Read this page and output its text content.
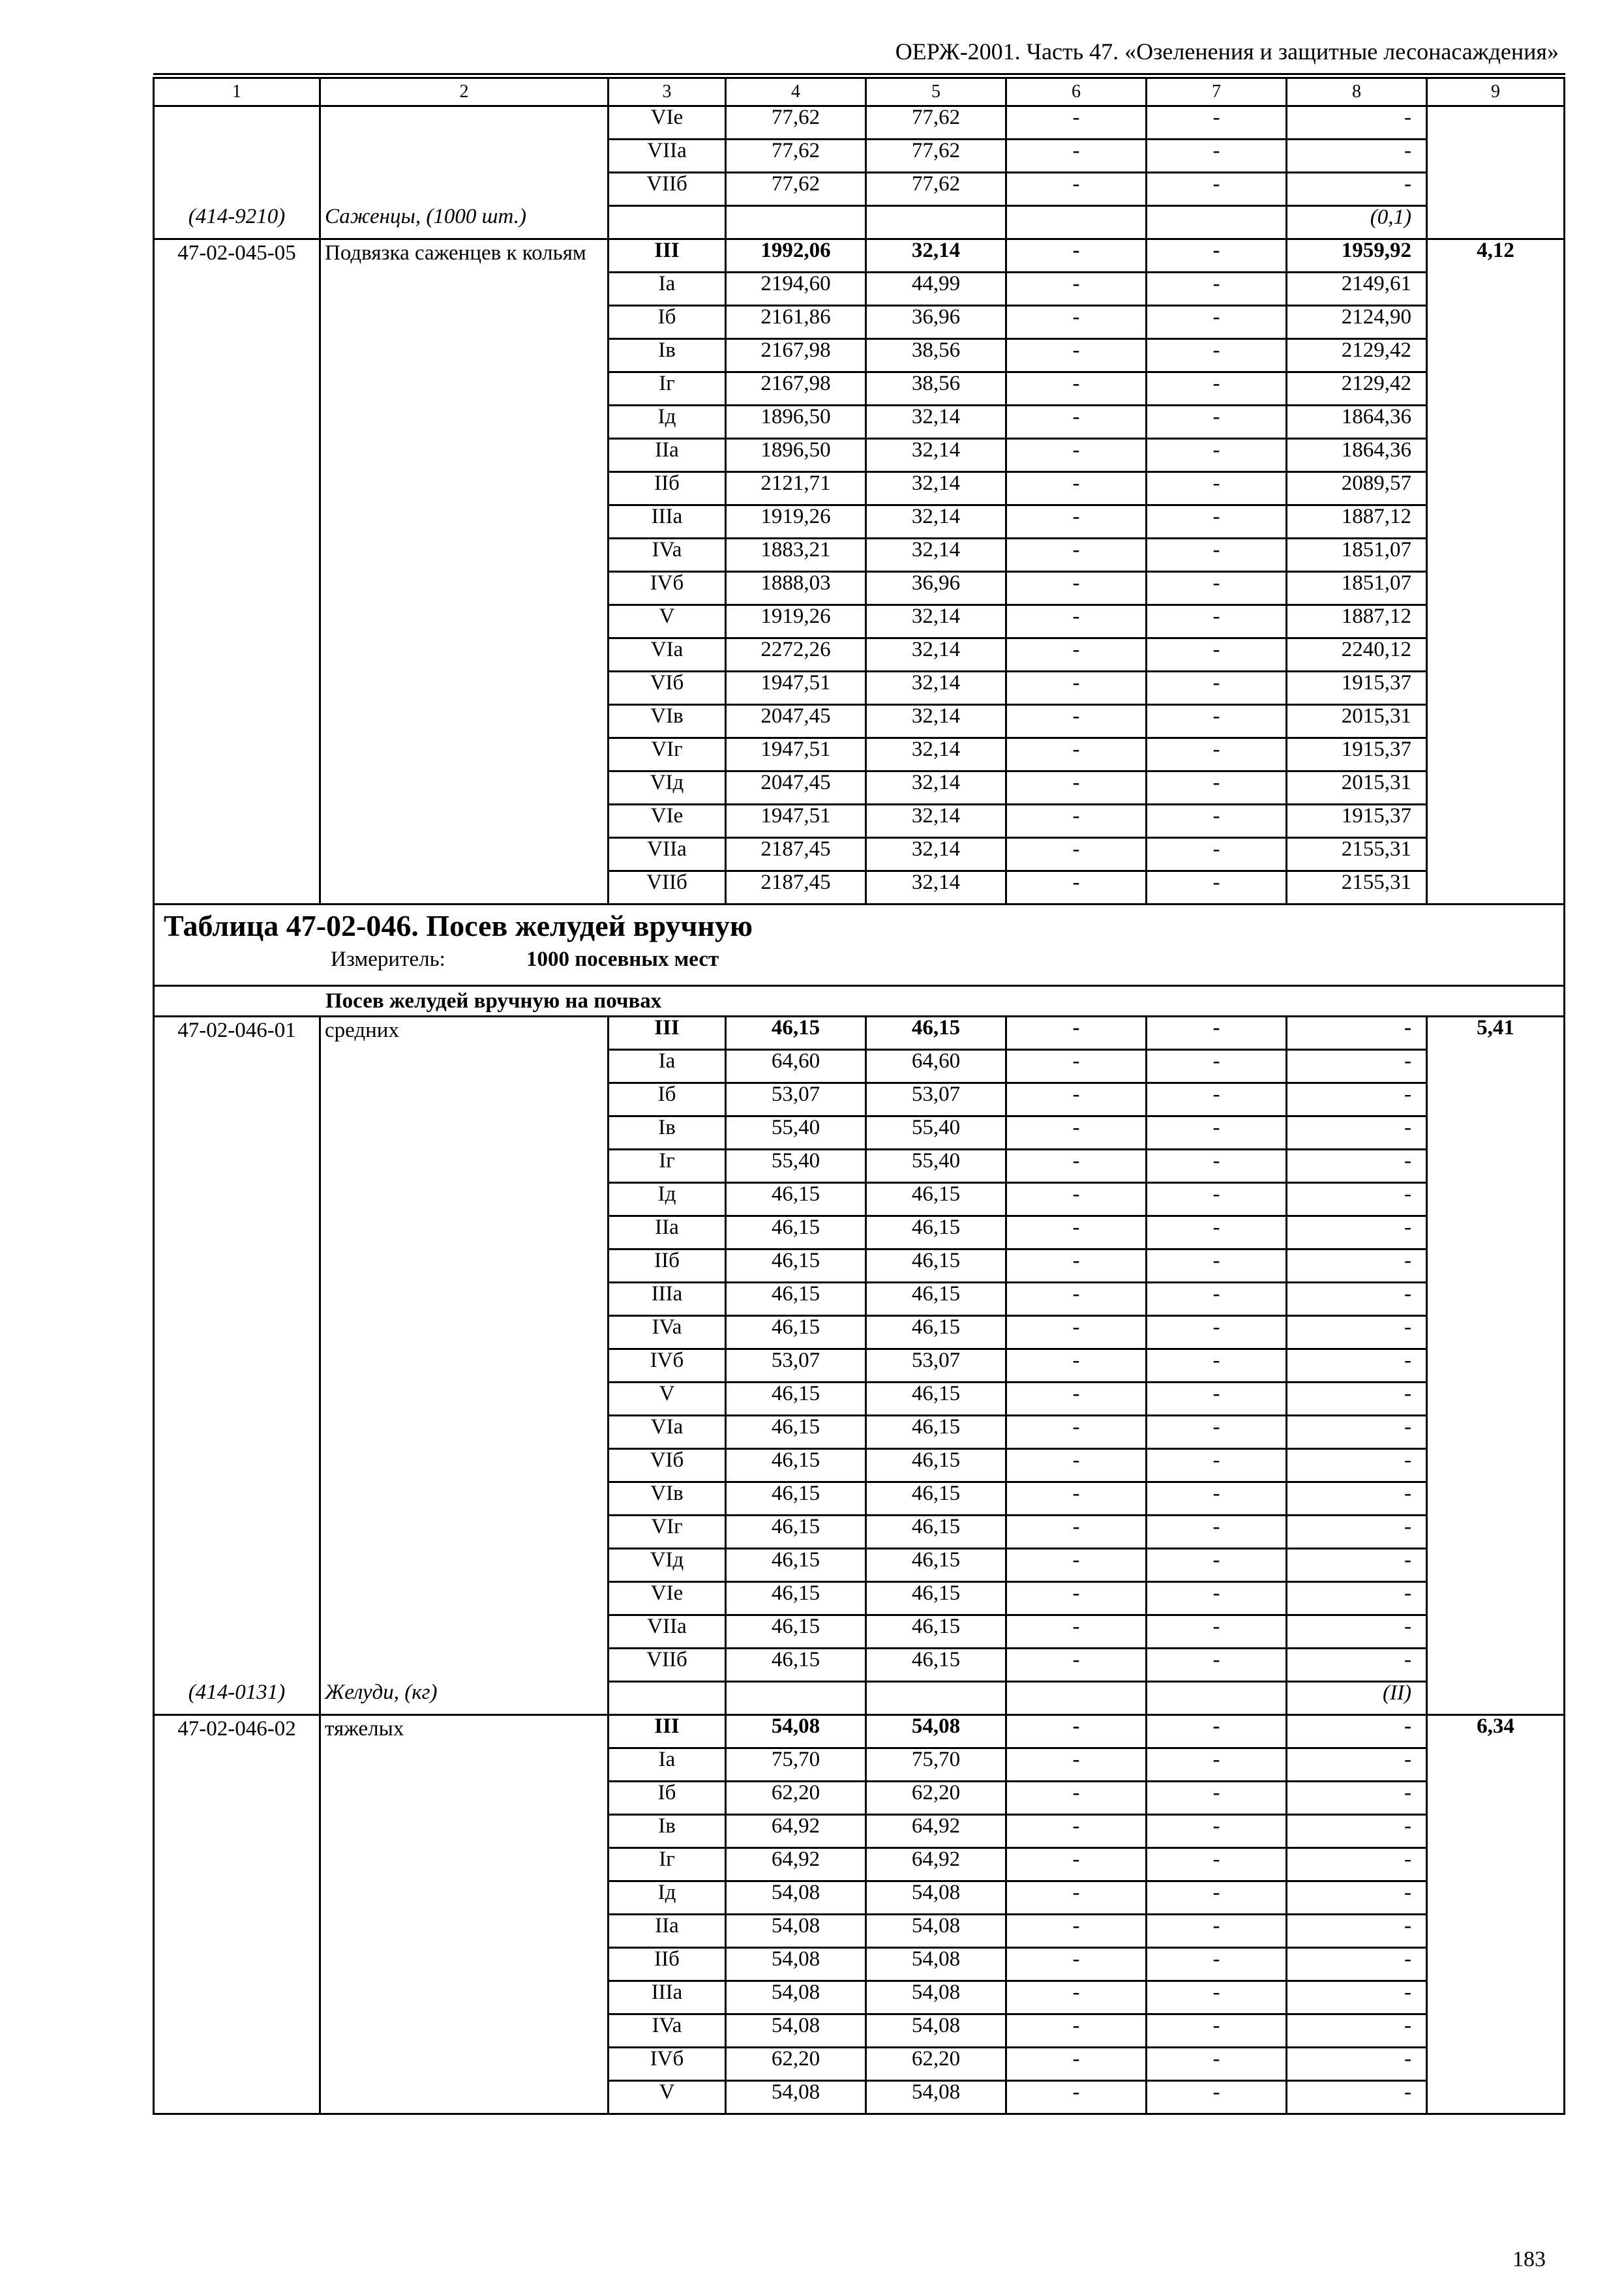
ОЕРЖ-2001. Часть 47. «Озеленения и защитные лесонасаждения»
1	2	3	4	5	6	7	8	9
		VIe	77,62	77,62	-	-	-	
		VIIa	77,62	77,62	-	-	-	
		VIIб	77,62	77,62	-	-	-	
(414-9210)	Саженцы, (1000 шт.)						(0,1)	
47-02-045-05	Подвязка саженцев к кольям	III	1992,06	32,14	-	-	1959,92	4,12
		Ia	2194,60	44,99	-	-	2149,61	
		Iб	2161,86	36,96	-	-	2124,90	
		Iв	2167,98	38,56	-	-	2129,42	
		Iг	2167,98	38,56	-	-	2129,42	
		Iд	1896,50	32,14	-	-	1864,36	
		IIa	1896,50	32,14	-	-	1864,36	
		IIб	2121,71	32,14	-	-	2089,57	
		IIIa	1919,26	32,14	-	-	1887,12	
		IVa	1883,21	32,14	-	-	1851,07	
		IVб	1888,03	36,96	-	-	1851,07	
		V	1919,26	32,14	-	-	1887,12	
		VIa	2272,26	32,14	-	-	2240,12	
		VIб	1947,51	32,14	-	-	1915,37	
		VIв	2047,45	32,14	-	-	2015,31	
		VIг	1947,51	32,14	-	-	1915,37	
		VIд	2047,45	32,14	-	-	2015,31	
		VIe	1947,51	32,14	-	-	1915,37	
		VIIa	2187,45	32,14	-	-	2155,31	
		VIIб	2187,45	32,14	-	-	2155,31	

Таблица 47-02-046. Посев желудей вручную
Измеритель: 1000 посевных мест								

Посев желудей вручную на почвах								
47-02-046-01	средних	III	46,15	46,15	-	-	-	5,41
		Ia	64,60	64,60	-	-	-	
		Iб	53,07	53,07	-	-	-	
		Iв	55,40	55,40	-	-	-	
		Iг	55,40	55,40	-	-	-	
		Iд	46,15	46,15	-	-	-	
		IIa	46,15	46,15	-	-	-	
		IIб	46,15	46,15	-	-	-	
		IIIa	46,15	46,15	-	-	-	
		IVa	46,15	46,15	-	-	-	
		IVб	53,07	53,07	-	-	-	
		V	46,15	46,15	-	-	-	
		VIa	46,15	46,15	-	-	-	
		VIб	46,15	46,15	-	-	-	
		VIв	46,15	46,15	-	-	-	
		VIг	46,15	46,15	-	-	-	
		VIд	46,15	46,15	-	-	-	
		VIe	46,15	46,15	-	-	-	
		VIIa	46,15	46,15	-	-	-	
		VIIб	46,15	46,15	-	-	-	
(414-0131)	Желуди, (кг)						(II)	
47-02-046-02	тяжелых	III	54,08	54,08	-	-	-	6,34
		Ia	75,70	75,70	-	-	-	
		Iб	62,20	62,20	-	-	-	
		Iв	64,92	64,92	-	-	-	
		Iг	64,92	64,92	-	-	-	
		Iд	54,08	54,08	-	-	-	
		IIa	54,08	54,08	-	-	-	
		IIб	54,08	54,08	-	-	-	
		IIIa	54,08	54,08	-	-	-	
		IVa	54,08	54,08	-	-	-	
		IVб	62,20	62,20	-	-	-	
		V	54,08	54,08	-	-	-	
183
